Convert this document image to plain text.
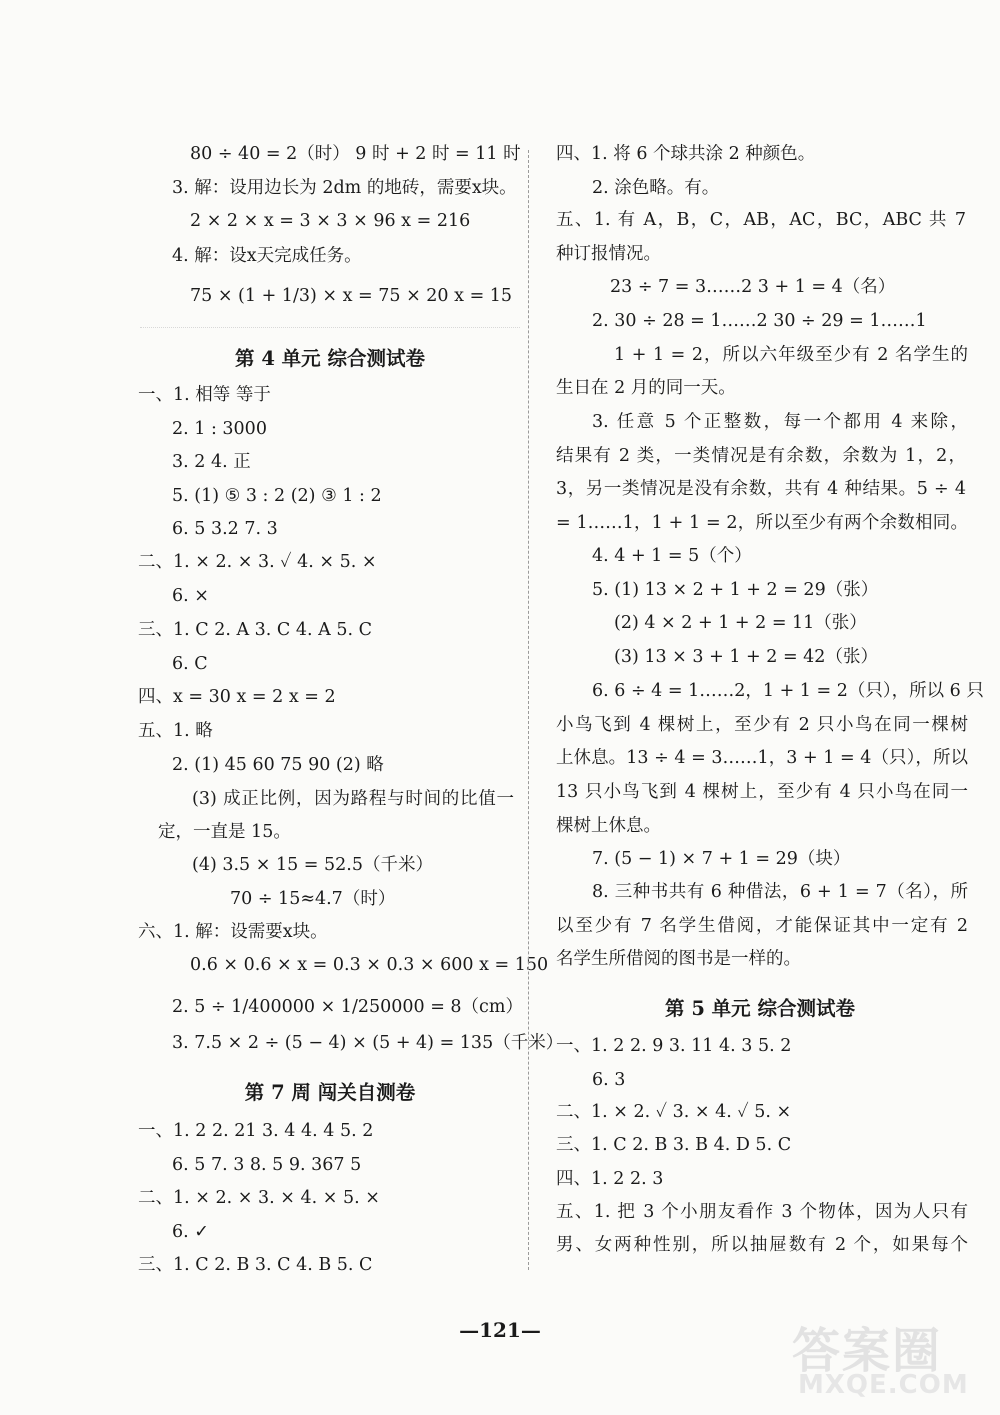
80 ÷ 40 = 2（时） 9 时 + 2 时 = 11 时
3. 解：设用边长为 2dm 的地砖，需要x块。
2 × 2 × x = 3 × 3 × 96 x = 216
4. 解：设x天完成任务。
75 × (1 + 1/3) × x = 75 × 20 x = 15
第 4 单元 综合测试卷
一、1. 相等 等于
2. 1 : 3000
3. 2 4. 正
5. (1) ⑤ 3 : 2 (2) ③ 1 : 2
6. 5 3.2 7. 3
二、1. × 2. × 3. ✓ 4. × 5. ×
6. ×
三、1. C 2. A 3. C 4. A 5. C
6. C
四、x = 30 x = 2 x = 2
五、1. 略
2. (1) 45 60 75 90 (2) 略
(3) 成正比例，因为路程与时间的比值一
定，一直是 15。
(4) 3.5 × 15 = 52.5（千米）
70 ÷ 15≈4.7（时）
六、1. 解：设需要x块。
0.6 × 0.6 × x = 0.3 × 0.3 × 600 x = 150
2. 5 ÷ 1/400000 × 1/250000 = 8（cm）
3. 7.5 × 2 ÷ (5 − 4) × (5 + 4) = 135（千米）
第 7 周 闯关自测卷
一、1. 2 2. 21 3. 4 4. 4 5. 2
6. 5 7. 3 8. 5 9. 367 5
二、1. × 2. × 3. × 4. × 5. ×
6. ✓
三、1. C 2. B 3. C 4. B 5. C
四、1. 将 6 个球共涂 2 种颜色。
2. 涂色略。有。
五、1. 有 A，B，C，AB，AC，BC，ABC 共 7
种订报情况。
23 ÷ 7 = 3……2 3 + 1 = 4（名）
2. 30 ÷ 28 = 1……2 30 ÷ 29 = 1……1
1 + 1 = 2，所以六年级至少有 2 名学生的
生日在 2 月的同一天。
3. 任意 5 个正整数，每一个都用 4 来除，
结果有 2 类，一类情况是有余数，余数为 1，2，
3，另一类情况是没有余数，共有 4 种结果。5 ÷ 4
= 1……1，1 + 1 = 2，所以至少有两个余数相同。
4. 4 + 1 = 5（个）
5. (1) 13 × 2 + 1 + 2 = 29（张）
(2) 4 × 2 + 1 + 2 = 11（张）
(3) 13 × 3 + 1 + 2 = 42（张）
6. 6 ÷ 4 = 1……2，1 + 1 = 2（只），所以 6 只
小鸟飞到 4 棵树上，至少有 2 只小鸟在同一棵树
上休息。13 ÷ 4 = 3……1，3 + 1 = 4（只），所以
13 只小鸟飞到 4 棵树上，至少有 4 只小鸟在同一
棵树上休息。
7. (5 − 1) × 7 + 1 = 29（块）
8. 三种书共有 6 种借法，6 + 1 = 7（名），所
以至少有 7 名学生借阅，才能保证其中一定有 2
名学生所借阅的图书是一样的。
第 5 单元 综合测试卷
一、1. 2 2. 9 3. 11 4. 3 5. 2
6. 3
二、1. × 2. ✓ 3. × 4. ✓ 5. ×
三、1. C 2. B 3. B 4. D 5. C
四、1. 2 2. 3
五、1. 把 3 个小朋友看作 3 个物体，因为人只有
男、女两种性别，所以抽屉数有 2 个，如果每个
—121—	答案圈
MXQE.COM
